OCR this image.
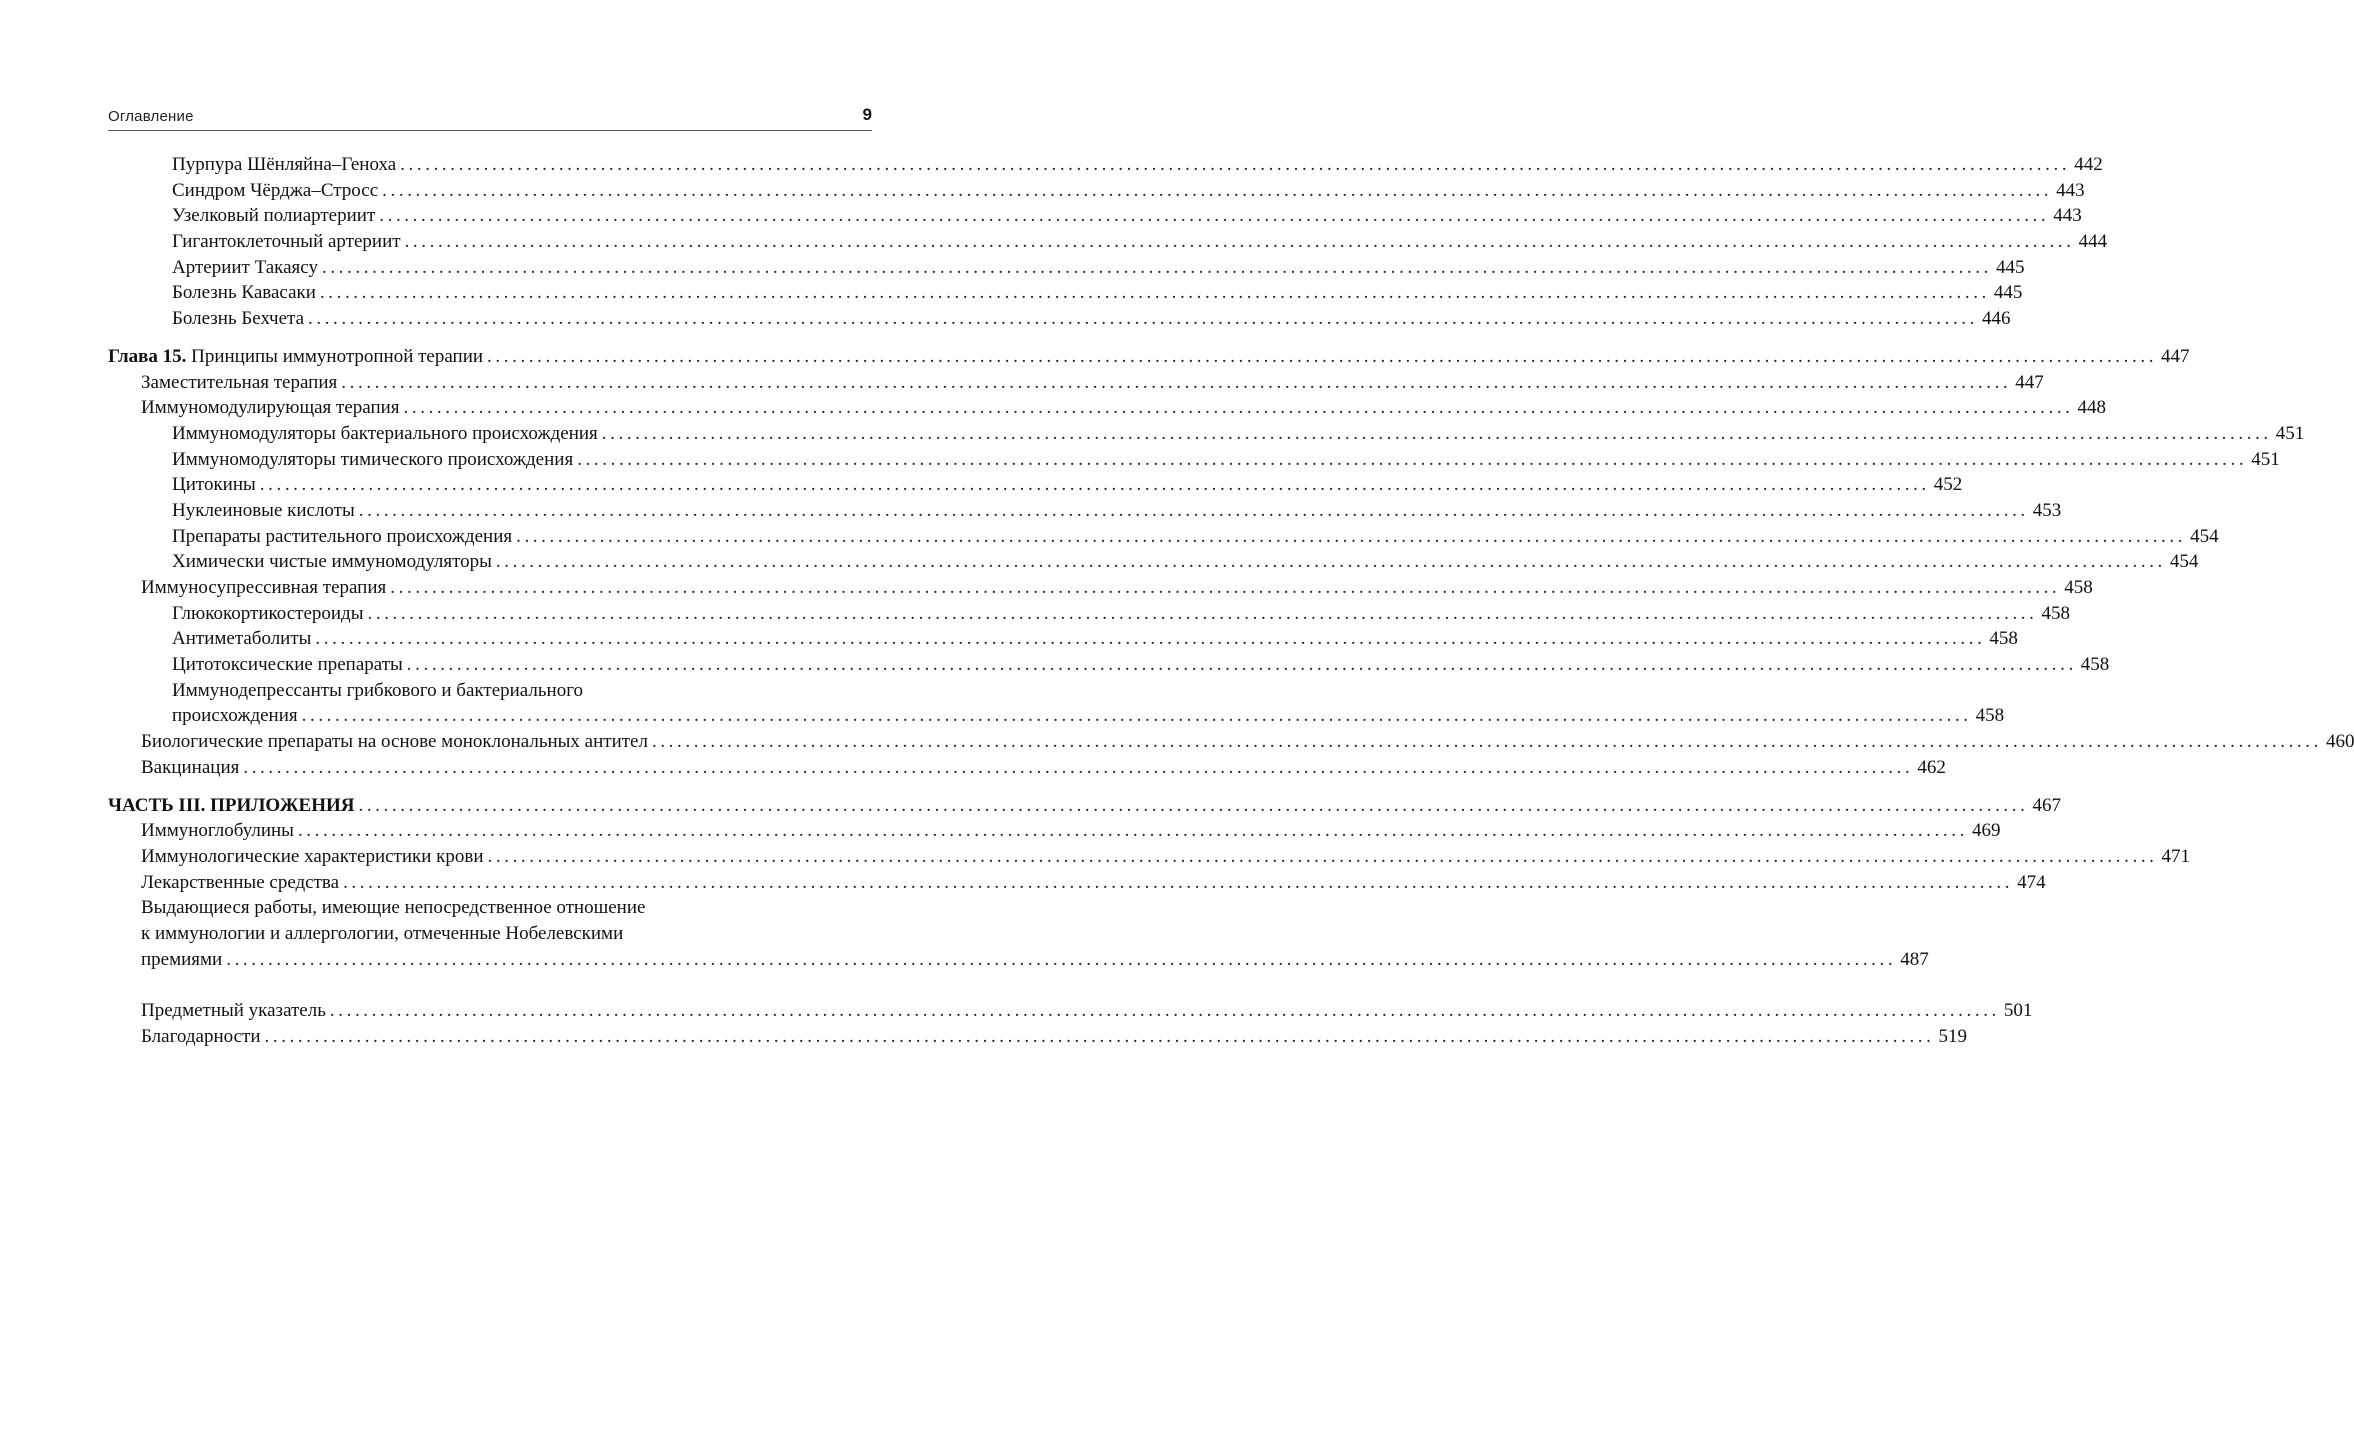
Оглавление	9
Пурпура Шёнляйна–Геноха ........................................................................................................................................................................................................ 442
Синдром Чёрджа–Стросс ........................................................................................................................................................................................................ 443
Узелковый полиартериит ........................................................................................................................................................................................................ 443
Гигантоклеточный артериит ........................................................................................................................................................................................................ 444
Артериит Такаясу ........................................................................................................................................................................................................ 445
Болезнь Кавасаки ........................................................................................................................................................................................................ 445
Болезнь Бехчета ........................................................................................................................................................................................................ 446
Глава 15. Принципы иммунотропной терапии ........................................................................................................................................................................................................ 447
Заместительная терапия ........................................................................................................................................................................................................ 447
Иммуномодулирующая терапия ........................................................................................................................................................................................................ 448
Иммуномодуляторы бактериального происхождения ........................................................................................................................................................................................................ 451
Иммуномодуляторы тимического происхождения ........................................................................................................................................................................................................ 451
Цитокины ........................................................................................................................................................................................................ 452
Нуклеиновые кислоты ........................................................................................................................................................................................................ 453
Препараты растительного происхождения ........................................................................................................................................................................................................ 454
Химически чистые иммуномодуляторы ........................................................................................................................................................................................................ 454
Иммуносупрессивная терапия ........................................................................................................................................................................................................ 458
Глюкокортикостероиды ........................................................................................................................................................................................................ 458
Антиметаболиты ........................................................................................................................................................................................................ 458
Цитотоксические препараты ........................................................................................................................................................................................................ 458
Иммунодепрессанты грибкового и бактериального
происхождения ........................................................................................................................................................................................................ 458
Биологические препараты на основе моноклональных антител ........................................................................................................................................................................................................ 460
Вакцинация ........................................................................................................................................................................................................ 462
ЧАСТЬ III. ПРИЛОЖЕНИЯ ........................................................................................................................................................................................................ 467
Иммуноглобулины ........................................................................................................................................................................................................ 469
Иммунологические характеристики крови ........................................................................................................................................................................................................ 471
Лекарственные средства ........................................................................................................................................................................................................ 474
Выдающиеся работы, имеющие непосредственное отношение
к иммунологии и аллергологии, отмеченные Нобелевскими
премиями ........................................................................................................................................................................................................ 487
Предметный указатель ........................................................................................................................................................................................................ 501
Благодарности ........................................................................................................................................................................................................ 519
